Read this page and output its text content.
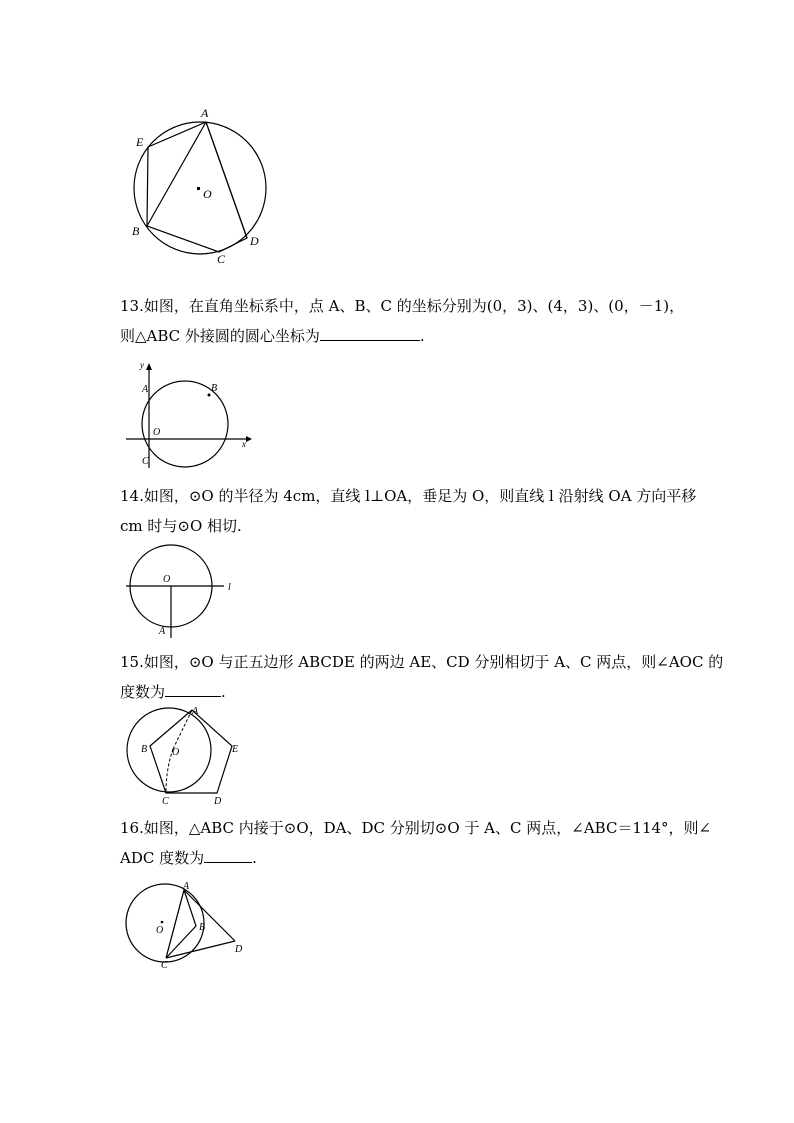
A
E
O
B
C
D
13.如图，在直角坐标系中，点 A、B、C 的坐标分别为(0，3)、(4，3)、(0，－1)，
则△ABC 外接圆的圆心坐标为	.
y
A	B
O
C
x
14.如图，⊙O 的半径为 4cm，直线 l⊥OA，垂足为 O，则直线 l 沿射线 OA 方向平移
cm 时与⊙O 相切.
O
l
A
15.如图，⊙O 与正五边形 ABCDE 的两边 AE、CD 分别相切于 A、C 两点，则∠AOC 的
度数为	.
A
B O	E
C	D
16.如图，△ABC 内接于⊙O，DA、DC 分别切⊙O 于 A、C 两点，∠ABC＝114°，则∠
ADC 度数为	.
A
O	B
C
D
